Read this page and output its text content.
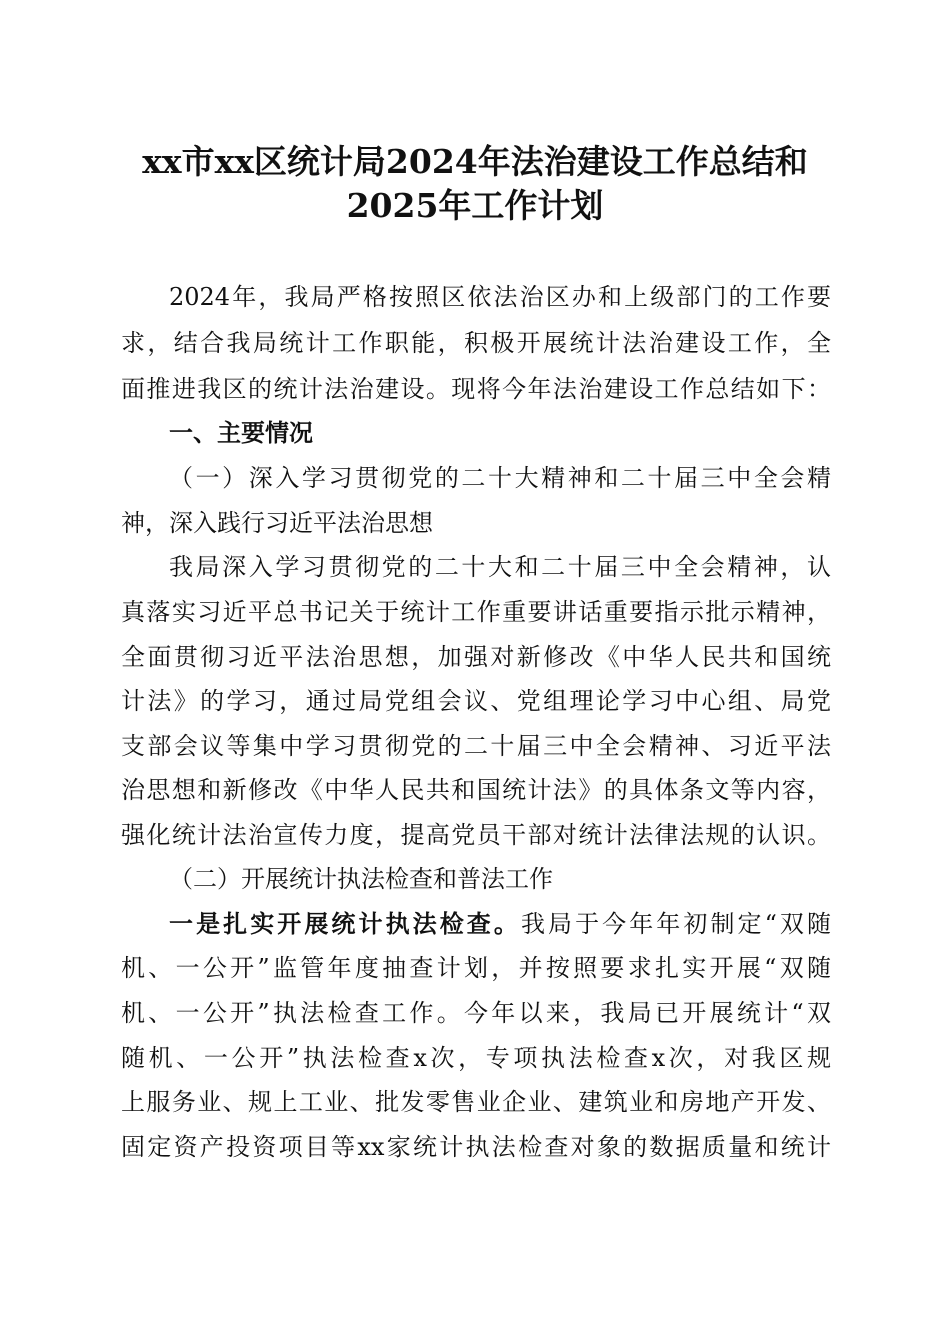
xx市xx区统计局2024年法治建设工作总结和
2025年工作计划
2024年，我局严格按照区依法治区办和上级部门的工作要
求，结合我局统计工作职能，积极开展统计法治建设工作，全
面推进我区的统计法治建设。现将今年法治建设工作总结如下：
一、主要情况
（一）深入学习贯彻党的二十大精神和二十届三中全会精
神，深入践行习近平法治思想
我局深入学习贯彻党的二十大和二十届三中全会精神，认
真落实习近平总书记关于统计工作重要讲话重要指示批示精神，
全面贯彻习近平法治思想，加强对新修改《中华人民共和国统
计法》的学习，通过局党组会议、党组理论学习中心组、局党
支部会议等集中学习贯彻党的二十届三中全会精神、习近平法
治思想和新修改《中华人民共和国统计法》的具体条文等内容，
强化统计法治宣传力度，提高党员干部对统计法律法规的认识。
（二）开展统计执法检查和普法工作
一是扎实开展统计执法检查。我局于今年年初制定“双随
机、一公开”监管年度抽查计划，并按照要求扎实开展“双随
机、一公开”执法检查工作。今年以来，我局已开展统计“双
随机、一公开”执法检查x次，专项执法检查x次，对我区规
上服务业、规上工业、批发零售业企业、建筑业和房地产开发、
固定资产投资项目等xx家统计执法检查对象的数据质量和统计
